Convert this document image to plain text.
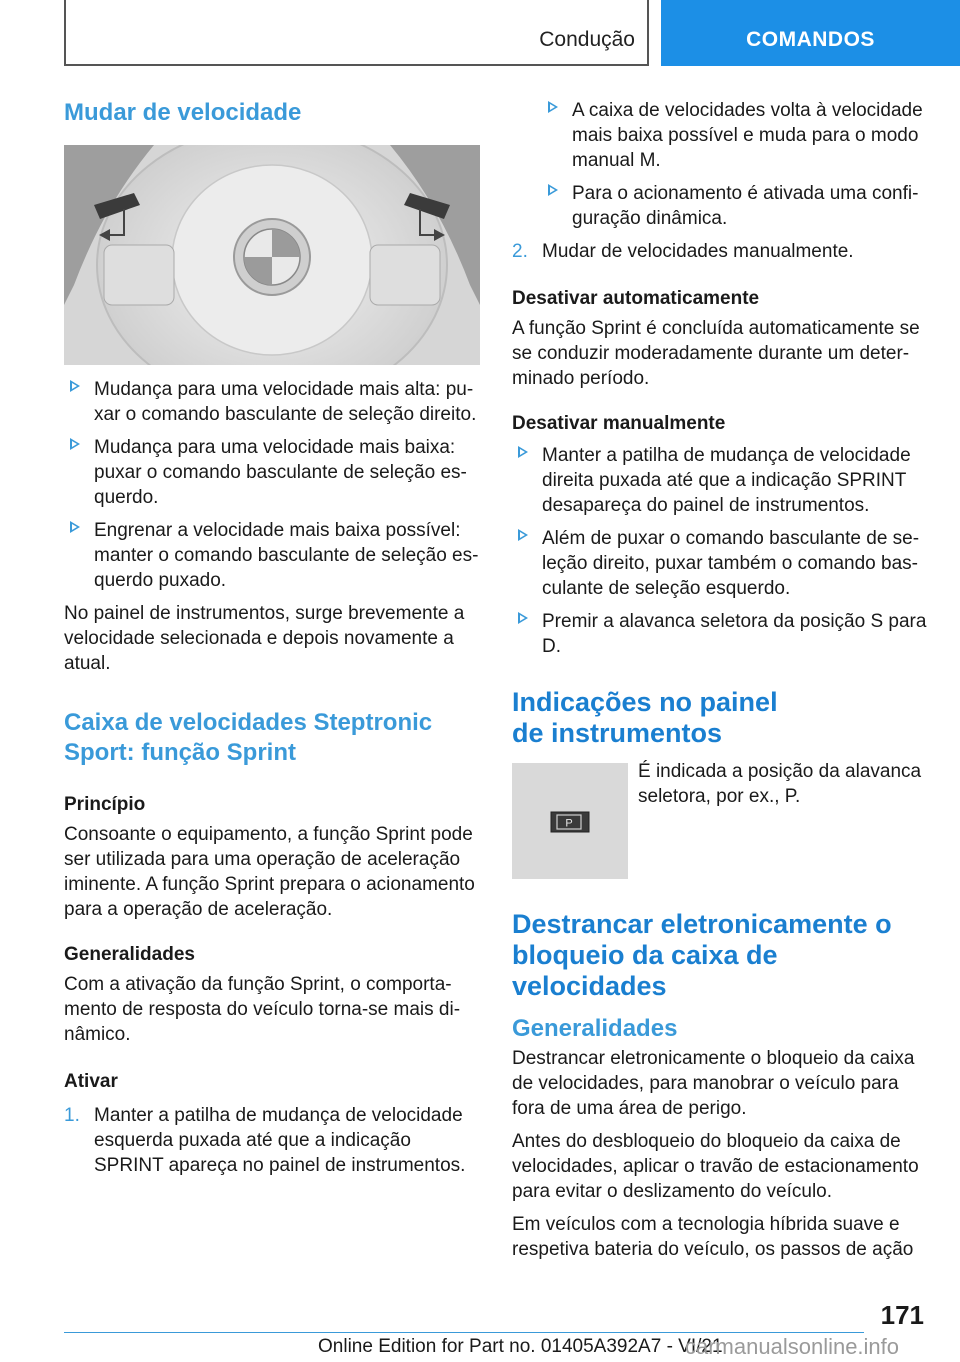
Condução	COMANDOS
Mudar de velocidade
Mudança para uma velocidade mais alta: puxar o comando basculante de seleção direito.
Mudança para uma velocidade mais baixa: puxar o comando basculante de seleção esquerdo.
Engrenar a velocidade mais baixa possível: manter o comando basculante de seleção esquerdo puxado.
No painel de instrumentos, surge brevemente a velocidade selecionada e depois novamente a atual.
Caixa de velocidades Steptronic Sport: função Sprint
Princípio
Consoante o equipamento, a função Sprint pode ser utilizada para uma operação de aceleração iminente. A função Sprint prepara o acionamento para a operação de aceleração.
Generalidades
Com a ativação da função Sprint, o comportamento de resposta do veículo torna-se mais dinâmico.
Ativar
1. Manter a patilha de mudança de velocidade esquerda puxada até que a indicação SPRINT apareça no painel de instrumentos.
A caixa de velocidades volta à velocidade mais baixa possível e muda para o modo manual M.
Para o acionamento é ativada uma configuração dinâmica.
2. Mudar de velocidades manualmente.
Desativar automaticamente
A função Sprint é concluída automaticamente se se conduzir moderadamente durante um determinado período.
Desativar manualmente
Manter a patilha de mudança de velocidade direita puxada até que a indicação SPRINT desapareça do painel de instrumentos.
Além de puxar o comando basculante de seleção direito, puxar também o comando basculante de seleção esquerdo.
Premir a alavanca seletora da posição S para D.
Indicações no painel de instrumentos
P
É indicada a posição da alavanca seletora, por ex., P.
Destrancar eletronicamente o bloqueio da caixa de velocidades
Generalidades
Destrancar eletronicamente o bloqueio da caixa de velocidades, para manobrar o veículo para fora de uma área de perigo.
Antes do desbloqueio do bloqueio da caixa de velocidades, aplicar o travão de estacionamento para evitar o deslizamento do veículo.
Em veículos com a tecnologia híbrida suave e respetiva bateria do veículo, os passos de ação
171
Online Edition for Part no. 01405A392A7 - VI/21
carmanualsonline.info
